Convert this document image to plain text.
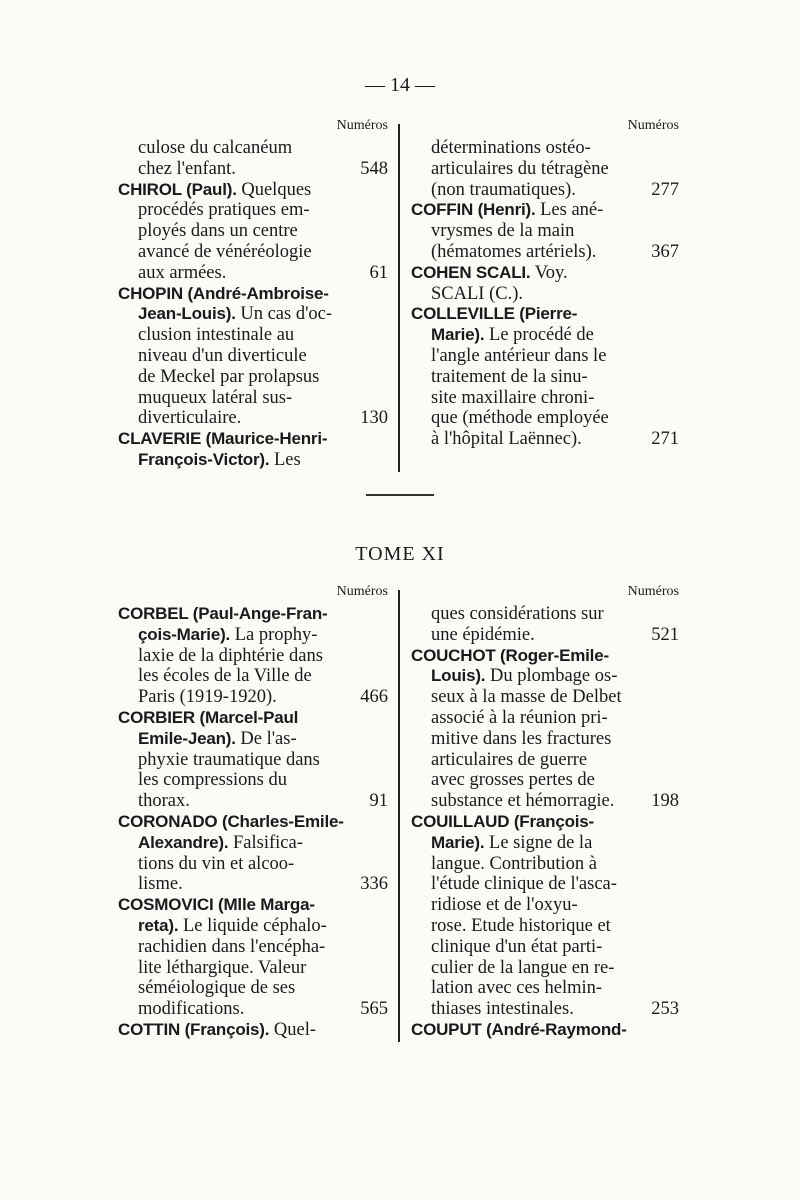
— 14 —
Numéros
culose du calcanéum
chez l'enfant.	548
CHIROL (Paul). Quelques
procédés pratiques em-
ployés dans un centre
avancé de vénéréologie
aux armées.	61
CHOPIN (André-Ambroise-
Jean-Louis). Un cas d'oc-
clusion intestinale au
niveau d'un diverticule
de Meckel par prolapsus
muqueux latéral sus-
diverticulaire.	130
CLAVERIE (Maurice-Henri-
François-Victor). Les
Numéros
déterminations ostéo-
articulaires du tétragène
(non traumatiques).	277
COFFIN (Henri). Les ané-
vrysmes de la main
(hématomes artériels).	367
COHEN SCALI. Voy.
SCALI (C.).
COLLEVILLE (Pierre-
Marie). Le procédé de
l'angle antérieur dans le
traitement de la sinu-
site maxillaire chroni-
que (méthode employée
à l'hôpital Laënnec).	271
TOME XI
Numéros
CORBEL (Paul-Ange-Fran-
çois-Marie). La prophy-
laxie de la diphtérie dans
les écoles de la Ville de
Paris (1919-1920).	466
CORBIER (Marcel-Paul
Emile-Jean). De l'as-
phyxie traumatique dans
les compressions du
thorax.	91
CORONADO (Charles-Emile-
Alexandre). Falsifica-
tions du vin et alcoo-
lisme.	336
COSMOVICI (Mlle Marga-
reta). Le liquide céphalo-
rachidien dans l'encépha-
lite léthargique. Valeur
séméiologique de ses
modifications.	565
COTTIN (François). Quel-
Numéros
ques considérations sur
une épidémie.	521
COUCHOT (Roger-Emile-
Louis). Du plombage os-
seux à la masse de Delbet
associé à la réunion pri-
mitive dans les fractures
articulaires de guerre
avec grosses pertes de
substance et hémorragie. 198
COUILLAUD (François-
Marie). Le signe de la
langue. Contribution à
l'étude clinique de l'asca-
ridiose et de l'oxyu-
rose. Etude historique et
clinique d'un état parti-
culier de la langue en re-
lation avec ces helmin-
thiases intestinales.	253
COUPUT (André-Raymond-
